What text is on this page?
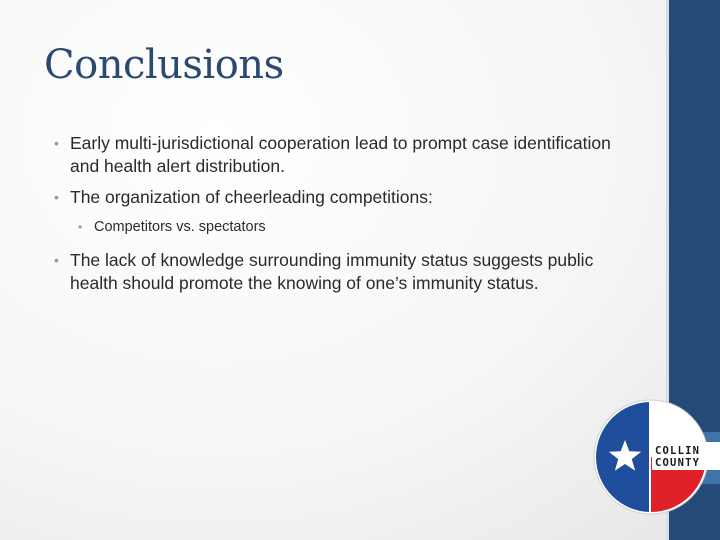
Conclusions
• Early multi-jurisdictional cooperation lead to prompt case identification and health alert distribution.
• The organization of cheerleading competitions:
• Competitors vs. spectators
• The lack of knowledge surrounding immunity status suggests public health should promote the knowing of one’s immunity status.
COLLIN
COUNTY
